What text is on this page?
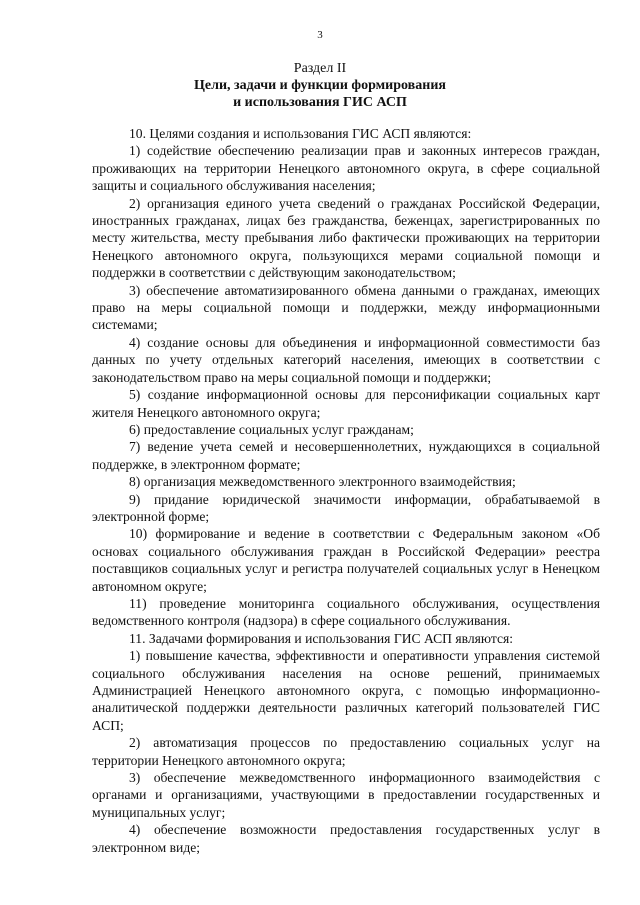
3
Раздел II
Цели, задачи и функции формирования
и использования ГИС АСП

10. Целями создания и использования ГИС АСП являются:

1) содействие обеспечению реализации прав и законных интересов граждан, проживающих на территории Ненецкого автономного округа, в сфере социальной защиты и социального обслуживания населения;

2) организация единого учета сведений о гражданах Российской Федерации, иностранных гражданах, лицах без гражданства, беженцах, зарегистрированных по месту жительства, месту пребывания либо фактически проживающих на территории Ненецкого автономного округа, пользующихся мерами социальной помощи и поддержки в соответствии с действующим законодательством;

3) обеспечение автоматизированного обмена данными о гражданах, имеющих право на меры социальной помощи и поддержки, между информационными системами;

4) создание основы для объединения и информационной совместимости баз данных по учету отдельных категорий населения, имеющих в соответствии с законодательством право на меры социальной помощи и поддержки;

5) создание информационной основы для персонификации социальных карт жителя Ненецкого автономного округа;

6) предоставление социальных услуг гражданам;

7) ведение учета семей и несовершеннолетних, нуждающихся в социальной поддержке, в электронном формате;

8) организация межведомственного электронного взаимодействия;

9) придание юридической значимости информации, обрабатываемой в электронной форме;

10) формирование и ведение в соответствии с Федеральным законом «Об основах социального обслуживания граждан в Российской Федерации» реестра поставщиков социальных услуг и регистра получателей социальных услуг в Ненецком автономном округе;

11) проведение мониторинга социального обслуживания, осуществления ведомственного контроля (надзора) в сфере социального обслуживания.

11. Задачами формирования и использования ГИС АСП являются:

1) повышение качества, эффективности и оперативности управления системой социального обслуживания населения на основе решений, принимаемых Администрацией Ненецкого автономного округа, с помощью информационно-аналитической поддержки деятельности различных категорий пользователей ГИС АСП;

2) автоматизация процессов по предоставлению социальных услуг на территории Ненецкого автономного округа;

3) обеспечение межведомственного информационного взаимодействия с органами и организациями, участвующими в предоставлении государственных и муниципальных услуг;

4) обеспечение возможности предоставления государственных услуг в электронном виде;
